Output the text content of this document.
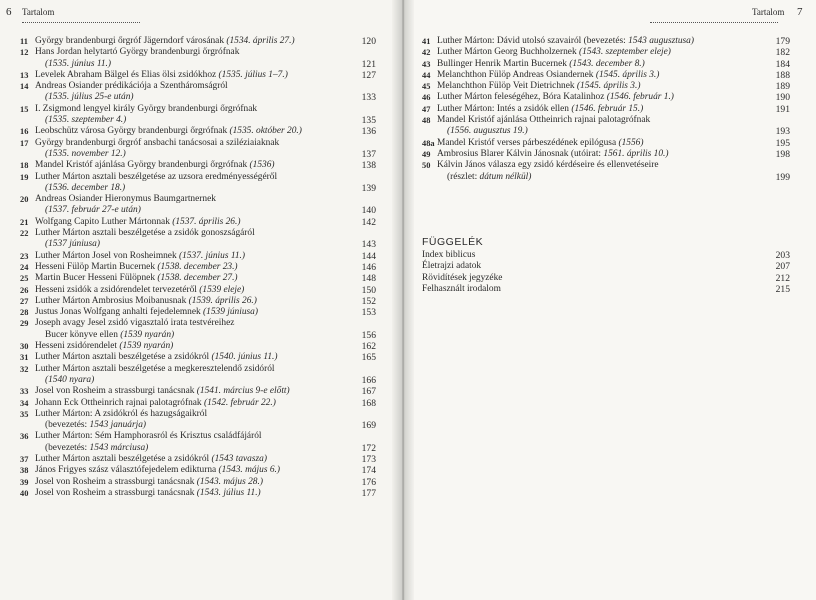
6 Tartalom
11 György brandenburgi őrgróf Jägerndorf városának (1534. április 27.)	120
12 Hans Jordan helytartó György brandenburgi őrgrófnak
(1535. június 11.)	121
13 Levelek Abraham Bälgel és Elias ölsi zsidókhoz (1535. július 1–7.)	127
14 Andreas Osiander prédikációja a Szentháromságról
(1535. július 25-e után)	133
15 I. Zsigmond lengyel király György brandenburgi őrgrófnak
(1535. szeptember 4.)	135
16 Leobschütz városa György brandenburgi őrgrófnak (1535. október 20.)	136
17 György brandenburgi őrgróf ansbachi tanácsosai a sziléziaiaknak
(1535. november 12.)	137
18 Mandel Kristóf ajánlása György brandenburgi őrgrófnak (1536)	138
19 Luther Márton asztali beszélgetése az uzsora eredményességéről
(1536. december 18.)	139
20 Andreas Osiander Hieronymus Baumgartnernek
(1537. február 27-e után)	140
21 Wolfgang Capito Luther Mártonnak (1537. április 26.)	142
22 Luther Márton asztali beszélgetése a zsidók gonoszságáról
(1537 júniusa)	143
23 Luther Márton Josel von Rosheimnek (1537. június 11.)	144
24 Hesseni Fülöp Martin Bucernek (1538. december 23.)	146
25 Martin Bucer Hesseni Fülöpnek (1538. december 27.)	148
26 Hesseni zsidók a zsidórendelet tervezetéről (1539 eleje)	150
27 Luther Márton Ambrosius Moibanusnak (1539. április 26.)	152
28 Justus Jonas Wolfgang anhalti fejedelemnek (1539 júniusa)	153
29 Joseph avagy Jesel zsidó vigasztaló irata testvéreihez
Bucer könyve ellen (1539 nyarán)	156
30 Hesseni zsidórendelet (1539 nyarán)	162
31 Luther Márton asztali beszélgetése a zsidókról (1540. június 11.)	165
32 Luther Márton asztali beszélgetése a megkeresztelendő zsidóról
(1540 nyara)	166
33 Josel von Rosheim a strassburgi tanácsnak (1541. március 9-e előtt)	167
34 Johann Eck Ottheinrich rajnai palotagrófnak (1542. február 22.)	168
35 Luther Márton: A zsidókról és hazugságaikról
(bevezetés: 1543 januárja)	169
36 Luther Márton: Sém Hamphorasról és Krisztus családfájáról
(bevezetés: 1543 márciusa)	172
37 Luther Márton asztali beszélgetése a zsidókról (1543 tavasza)	173
38 János Frigyes szász választófejedelem edikturna (1543. május 6.)	174
39 Josel von Rosheim a strassburgi tanácsnak (1543. május 28.)	176
40 Josel von Rosheim a strassburgi tanácsnak (1543. július 11.)	177
Tartalom 7
41 Luther Márton: Dávid utolsó szavairól (bevezetés: 1543 augusztusa)	179
42 Luther Márton Georg Buchholzernek (1543. szeptember eleje)	182
43 Bullinger Henrik Martin Bucernek (1543. december 8.)	184
44 Melanchthon Fülöp Andreas Osiandernek (1545. április 3.)	188
45 Melanchthon Fülöp Veit Dietrichnek (1545. április 3.)	189
46 Luther Márton feleségéhez, Bóra Katalinhoz (1546. február 1.)	190
47 Luther Márton: Intés a zsidók ellen (1546. február 15.)	191
48 Mandel Kristóf ajánlása Ottheinrich rajnai palotagrófnak
(1556. augusztus 19.)	193
48a Mandel Kristóf verses párbeszédének epilógusa (1556)	195
49 Ambrosius Blarer Kálvin Jánosnak (utóirat: 1561. április 10.)	198
50 Kálvin János válasza egy zsidó kérdéseire és ellenvetéseire
(részlet: dátum nélkül)	199
FÜGGELÉK
Index biblicus	203
Életrajzi adatok	207
Rövidítések jegyzéke	212
Felhasznált irodalom	215
